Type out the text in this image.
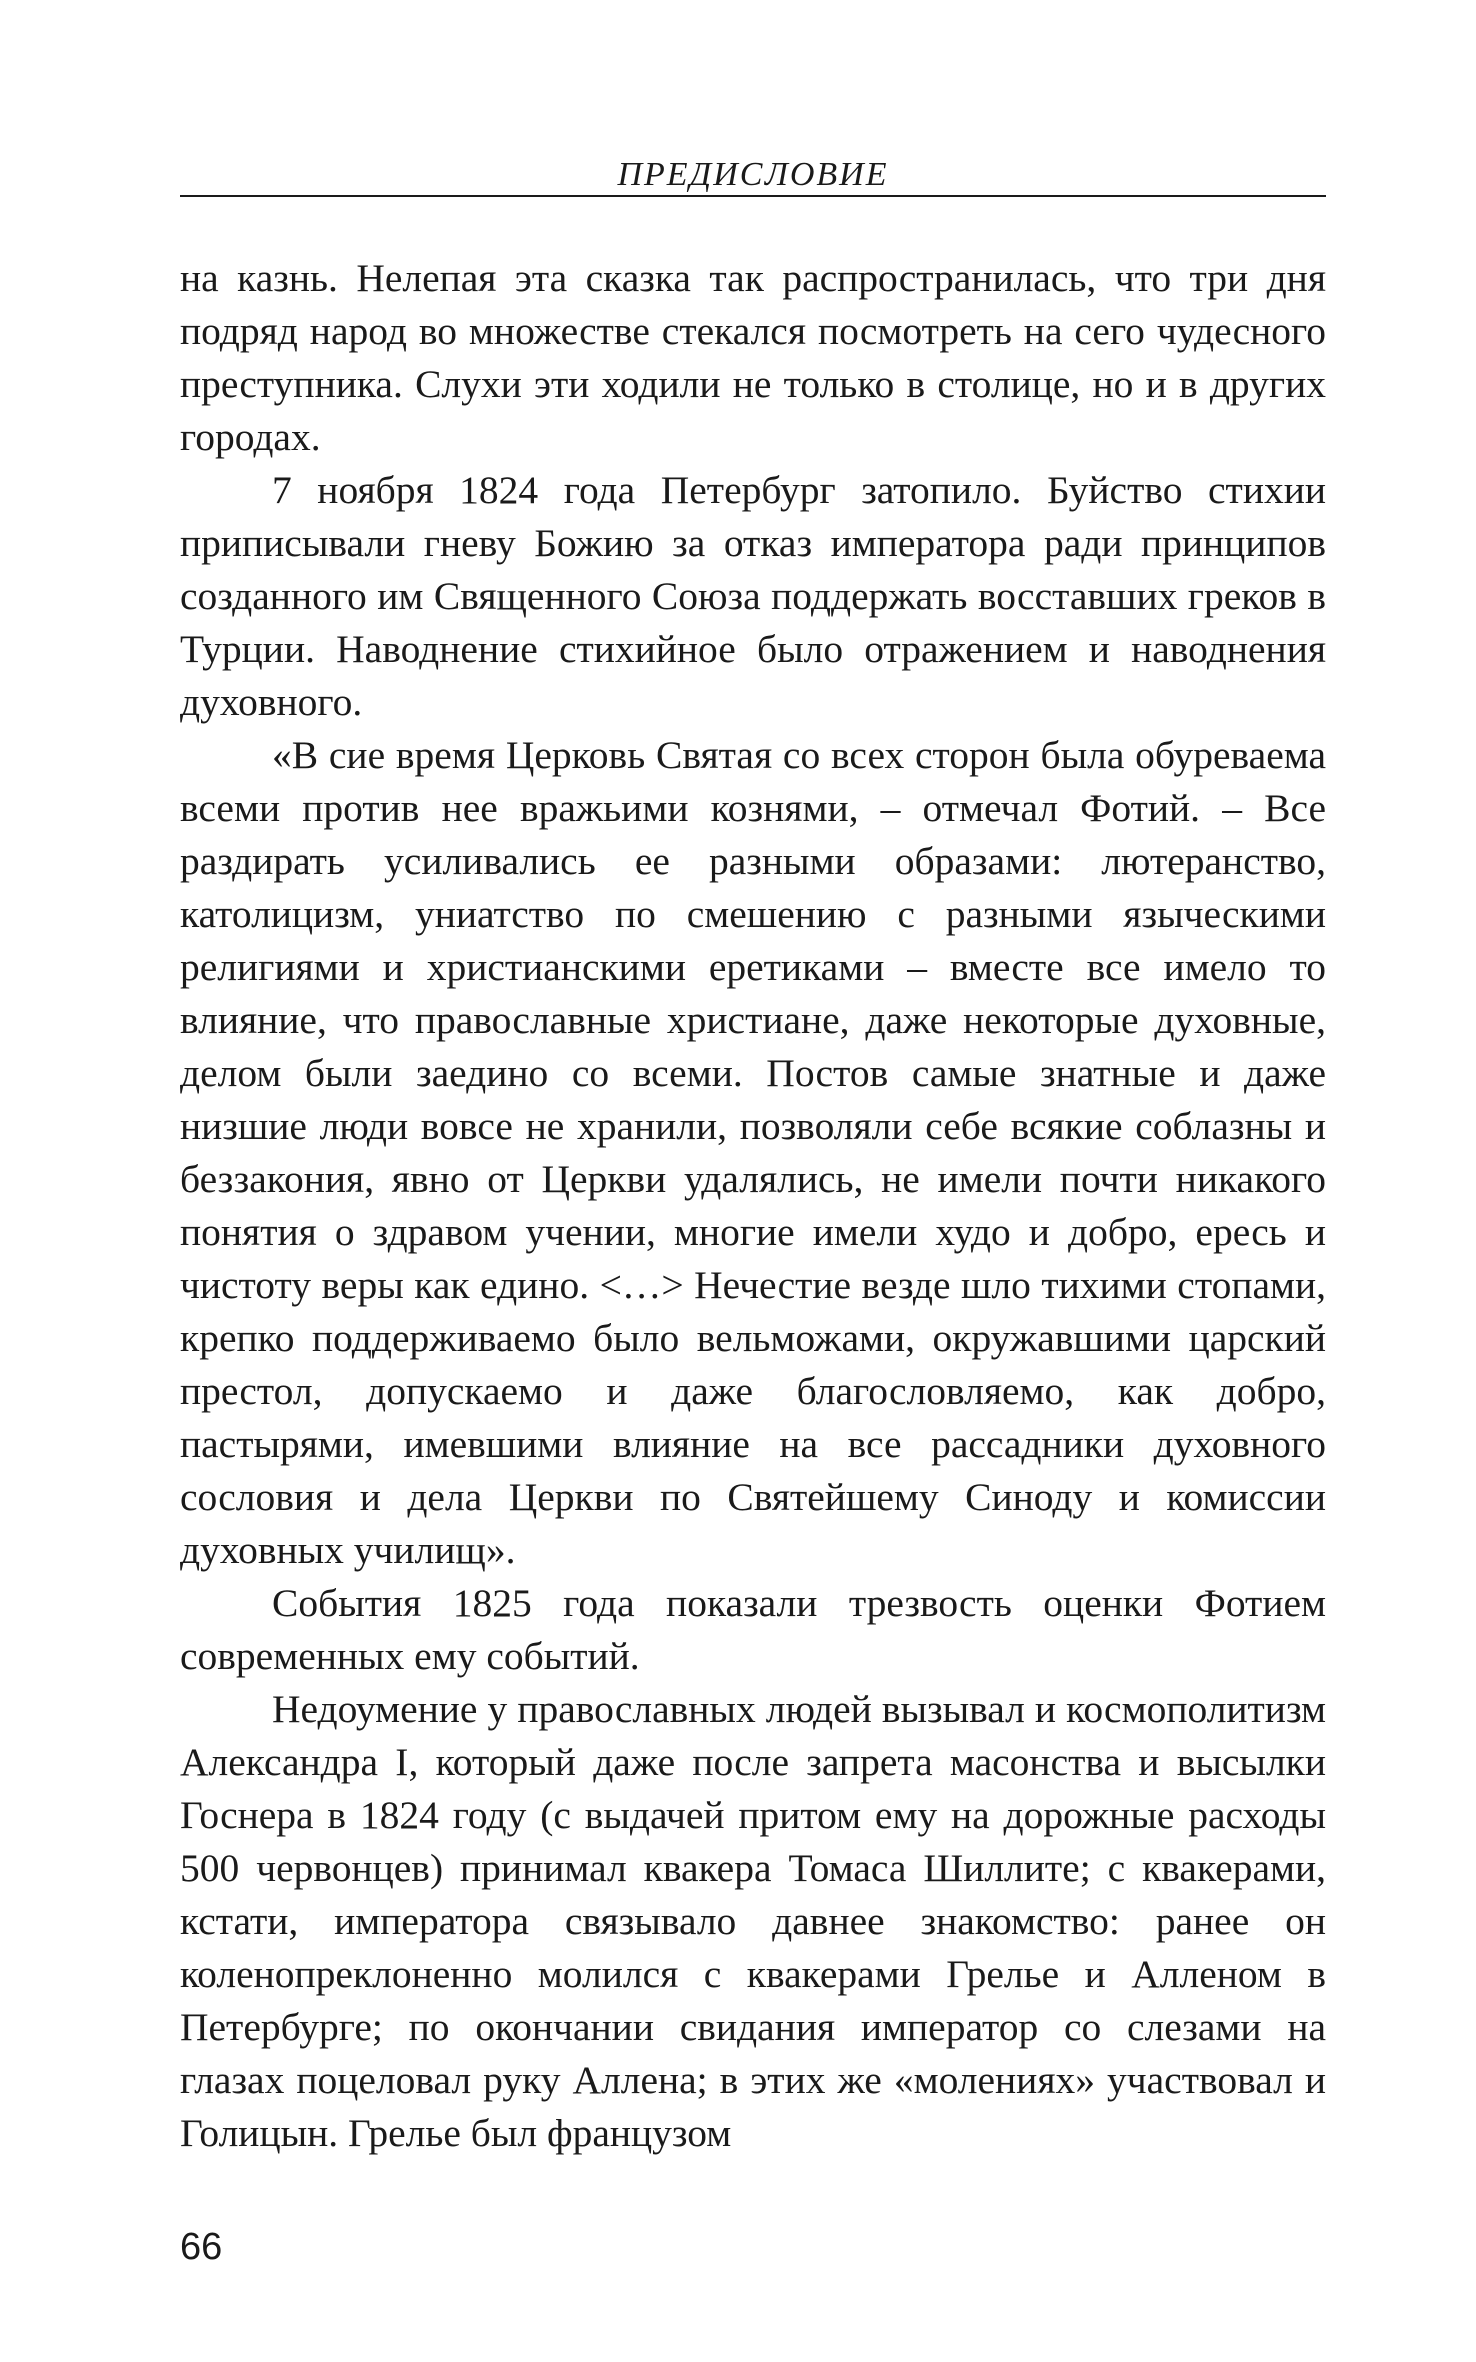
ПРЕДИСЛОВИЕ

на казнь. Нелепая эта сказка так распространилась, что три дня подряд народ во множестве стекался посмотреть на сего чудесного преступника. Слухи эти ходили не только в столице, но и в других городах.

7 ноября 1824 года Петербург затопило. Буйство стихии приписывали гневу Божию за отказ императора ради принципов созданного им Священного Союза поддержать восставших греков в Турции. Наводнение стихийное было отражением и наводнения духовного.

«В сие время Церковь Святая со всех сторон была обуреваема всеми против нее вражьими кознями, – отмечал Фотий. – Все раздирать усиливались ее разными образами: лютеранство, католицизм, униатство по смешению с разными языческими религиями и христианскими еретиками – вместе все имело то влияние, что православные христиане, даже некоторые духовные, делом были заедино со всеми. Постов самые знатные и даже низшие люди вовсе не хранили, позволяли себе всякие соблазны и беззакония, явно от Церкви удалялись, не имели почти никакого понятия о здравом учении, многие имели худо и добро, ересь и чистоту веры как едино. <…> Нечестие везде шло тихими стопами, крепко поддерживаемо было вельможами, окружавшими царский престол, допускаемо и даже благословляемо, как добро, пастырями, имевшими влияние на все рассадники духовного сословия и дела Церкви по Святейшему Синоду и комиссии духовных училищ».

События 1825 года показали трезвость оценки Фотием современных ему событий.

Недоумение у православных людей вызывал и космополитизм Александра I, который даже после запрета масонства и высылки Госнера в 1824 году (с выдачей притом ему на дорожные расходы 500 червонцев) принимал квакера Томаса Шиллите; с квакерами, кстати, императора связывало давнее знакомство: ранее он коленопреклоненно молился с квакерами Грелье и Алленом в Петербурге; по окончании свидания император со слезами на глазах поцеловал руку Аллена; в этих же «молениях» участвовал и Голицын. Грелье был французом

66
